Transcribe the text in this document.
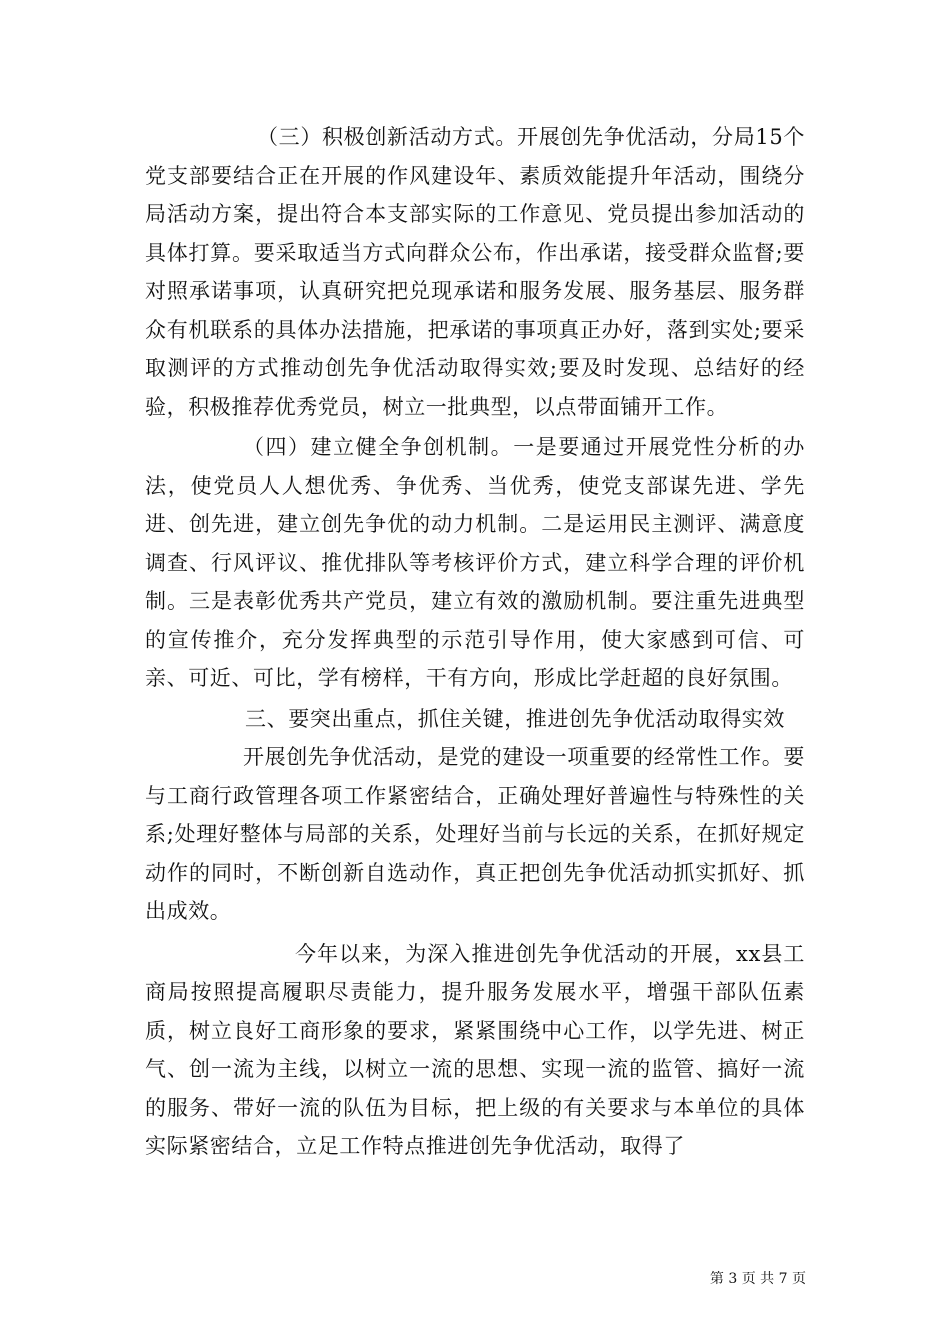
（三）积极创新活动方式。开展创先争优活动，分局15个党支部要结合正在开展的作风建设年、素质效能提升年活动，围绕分局活动方案，提出符合本支部实际的工作意见、党员提出参加活动的具体打算。要采取适当方式向群众公布，作出承诺，接受群众监督;要对照承诺事项，认真研究把兑现承诺和服务发展、服务基层、服务群众有机联系的具体办法措施，把承诺的事项真正办好，落到实处;要采取测评的方式推动创先争优活动取得实效;要及时发现、总结好的经验，积极推荐优秀党员，树立一批典型，以点带面铺开工作。

（四）建立健全争创机制。一是要通过开展党性分析的办法，使党员人人想优秀、争优秀、当优秀，使党支部谋先进、学先进、创先进，建立创先争优的动力机制。二是运用民主测评、满意度调查、行风评议、推优排队等考核评价方式，建立科学合理的评价机制。三是表彰优秀共产党员，建立有效的激励机制。要注重先进典型的宣传推介，充分发挥典型的示范引导作用，使大家感到可信、可亲、可近、可比，学有榜样，干有方向，形成比学赶超的良好氛围。

三、要突出重点，抓住关键，推进创先争优活动取得实效

开展创先争优活动，是党的建设一项重要的经常性工作。要与工商行政管理各项工作紧密结合，正确处理好普遍性与特殊性的关系;处理好整体与局部的关系，处理好当前与长远的关系，在抓好规定动作的同时，不断创新自选动作，真正把创先争优活动抓实抓好、抓出成效。

今年以来，为深入推进创先争优活动的开展，xx县工商局按照提高履职尽责能力，提升服务发展水平，增强干部队伍素质，树立良好工商形象的要求，紧紧围绕中心工作，以学先进、树正气、创一流为主线，以树立一流的思想、实现一流的监管、搞好一流的服务、带好一流的队伍为目标，把上级的有关要求与本单位的具体实际紧密结合，立足工作特点推进创先争优活动，取得了

第 3 页 共 7 页
